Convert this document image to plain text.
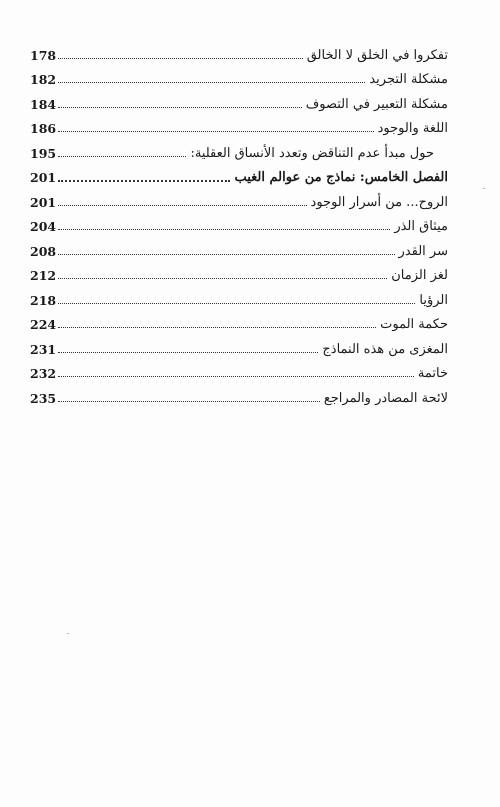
178	تفكروا في الخلق لا الخالق
182	مشكلة التجريد
184	مشكلة التعبير في التصوف
186	اللغة والوجود
195	حول مبدأ عدم التناقض وتعدد الأنساق العقلية:
201	الفصل الخامس: نماذج من عوالم الغيب
201	الروح... من أسرار الوجود
204	ميثاق الذر
208	سر القدر
212	لغز الزمان
218	الرؤيا
224	حكمة الموت
231	المغزى من هذه النماذج
232	خاتمة
235	لائحة المصادر والمراجع
